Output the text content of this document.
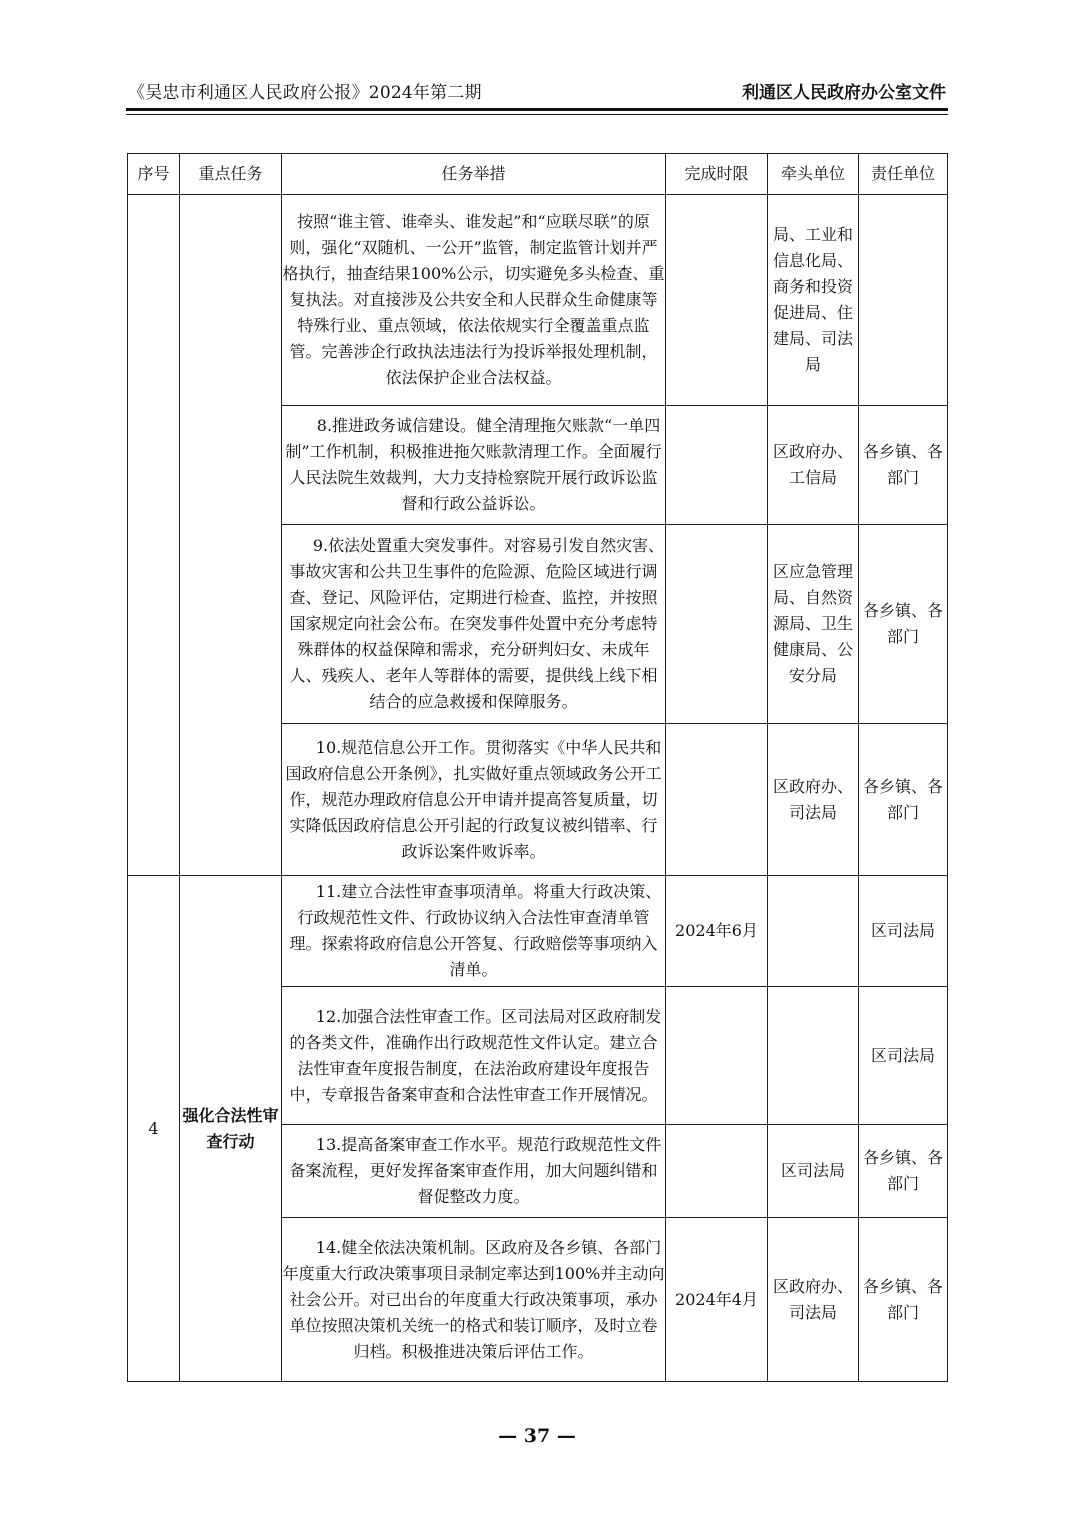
《吴忠市利通区人民政府公报》2024年第二期	利通区人民政府办公室文件
序号	重点任务	任务举措	完成时限	牵头单位	责任单位
		按照“谁主管、谁牵头、谁发起”和“应联尽联”的原则，强化“双随机、一公开”监管，制定监管计划并严格执行，抽查结果100%公示，切实避免多头检查、重复执法。对直接涉及公共安全和人民群众生命健康等特殊行业、重点领域，依法依规实行全覆盖重点监管。完善涉企行政执法违法行为投诉举报处理机制，依法保护企业合法权益。		局、工业和信息化局、商务和投资促进局、住建局、司法局	
		8.推进政务诚信建设。健全清理拖欠账款“一单四制”工作机制，积极推进拖欠账款清理工作。全面履行人民法院生效裁判，大力支持检察院开展行政诉讼监督和行政公益诉讼。		区政府办、工信局	各乡镇、各部门
		9.依法处置重大突发事件。对容易引发自然灾害、事故灾害和公共卫生事件的危险源、危险区域进行调查、登记、风险评估，定期进行检查、监控，并按照国家规定向社会公布。在突发事件处置中充分考虑特殊群体的权益保障和需求，充分研判妇女、未成年人、残疾人、老年人等群体的需要，提供线上线下相结合的应急救援和保障服务。		区应急管理局、自然资源局、卫生健康局、公安分局	各乡镇、各部门
		10.规范信息公开工作。贯彻落实《中华人民共和国政府信息公开条例》，扎实做好重点领域政务公开工作，规范办理政府信息公开申请并提高答复质量，切实降低因政府信息公开引起的行政复议被纠错率、行政诉讼案件败诉率。		区政府办、司法局	各乡镇、各部门
4	强化合法性审查行动	11.建立合法性审查事项清单。将重大行政决策、行政规范性文件、行政协议纳入合法性审查清单管理。探索将政府信息公开答复、行政赔偿等事项纳入清单。	2024年6月		区司法局
		12.加强合法性审查工作。区司法局对区政府制发的各类文件，准确作出行政规范性文件认定。建立合法性审查年度报告制度，在法治政府建设年度报告中，专章报告备案审查和合法性审查工作开展情况。			区司法局
		13.提高备案审查工作水平。规范行政规范性文件备案流程，更好发挥备案审查作用，加大问题纠错和督促整改力度。		区司法局	各乡镇、各部门
		14.健全依法决策机制。区政府及各乡镇、各部门年度重大行政决策事项目录制定率达到100%并主动向社会公开。对已出台的年度重大行政决策事项，承办单位按照决策机关统一的格式和装订顺序，及时立卷归档。积极推进决策后评估工作。	2024年4月	区政府办、司法局	各乡镇、各部门
— 37 —
